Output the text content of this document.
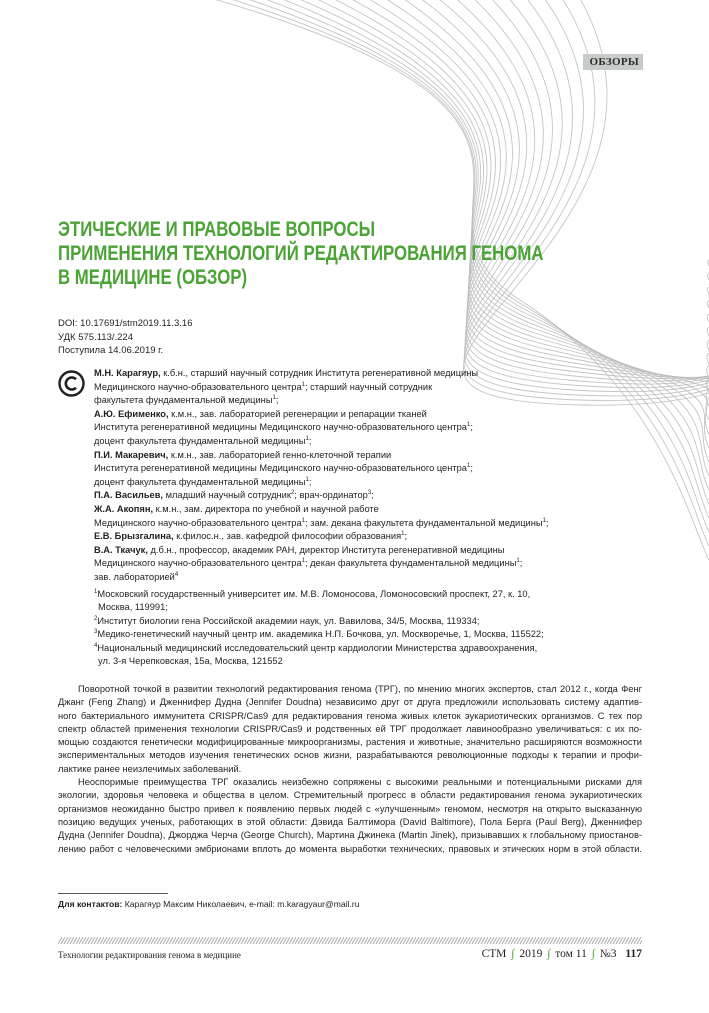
ОБЗОРЫ
ЭТИЧЕСКИЕ И ПРАВОВЫЕ ВОПРОСЫ
ПРИМЕНЕНИЯ ТЕХНОЛОГИЙ РЕДАКТИРОВАНИЯ ГЕНОМА
В МЕДИЦИНЕ (ОБЗОР)
DOI: 10.17691/stm2019.11.3.16
УДК 575.113/.224
Поступила 14.06.2019 г.
М.Н. Карагяур, к.б.н., старший научный сотрудник Института регенеративной медицины
Медицинского научно-образовательного центра$^1$; старший научный сотрудник
факультета фундаментальной медицины$^1$;
А.Ю. Ефименко, к.м.н., зав. лабораторией регенерации и репарации тканей
Института регенеративной медицины Медицинского научно-образовательного центра$^1$;
доцент факультета фундаментальной медицины$^1$;
П.И. Макаревич, к.м.н., зав. лабораторией генно-клеточной терапии
Института регенеративной медицины Медицинского научно-образовательного центра$^1$;
доцент факультета фундаментальной медицины$^1$;
П.А. Васильев, младший научный сотрудник$^2$; врач-ординатор$^3$;
Ж.А. Акопян, к.м.н., зам. директора по учебной и научной работе
Медицинского научно-образовательного центра$^1$; зам. декана факультета фундаментальной медицины$^1$;
Е.В. Брызгалина, к.филос.н., зав. кафедрой философии образования$^1$;
В.А. Ткачук, д.б.н., профессор, академик РАН, директор Института регенеративной медицины
Медицинского научно-образовательного центра$^1$; декан факультета фундаментальной медицины$^1$;
зав. лабораторией$^4$
$^1$Московский государственный университет им. М.В. Ломоносова, Ломоносовский проспект, 27, к. 10,
Москва, 119991;
$^2$Институт биологии гена Российской академии наук, ул. Вавилова, 34/5, Москва, 119334;
$^3$Медико-генетический научный центр им. академика Н.П. Бочкова, ул. Москворечье, 1, Москва, 115522;
$^4$Национальный медицинский исследовательский центр кардиологии Министерства здравоохранения,
ул. 3-я Черепковская, 15а, Москва, 121552
Поворотной точкой в развитии технологий редактирования генома (ТРГ), по мнению многих экспертов, стал 2012 г., когда Фенг
Джанг (Feng Zhang) и Дженнифер Дудна (Jennifer Doudna) независимо друг от друга предложили использовать систему адаптив-
ного бактериального иммунитета CRISPR/Cas9 для редактирования генома живых клеток эукариотических организмов. С тех пор
спектр областей применения технологии CRISPR/Cas9 и родственных ей ТРГ продолжает лавинообразно увеличиваться: с их по-
мощью создаются генетически модифицированные микроорганизмы, растения и животные, значительно расширяются возможности
экспериментальных методов изучения генетических основ жизни, разрабатываются революционные подходы к терапии и профи-
лактике ранее неизлечимых заболеваний.
Неоспоримые преимущества ТРГ оказались неизбежно сопряжены с высокими реальными и потенциальными рисками для
экологии, здоровья человека и общества в целом. Стремительный прогресс в области редактирования генома эукариотических
организмов неожиданно быстро привел к появлению первых людей с «улучшенным» геномом, несмотря на открыто высказанную
позицию ведущих ученых, работающих в этой области: Дэвида Балтимора (David Baltimore), Пола Берга (Paul Berg), Дженнифер
Дудна (Jennifer Doudna), Джорджа Черча (George Church), Мартина Джинека (Martin Jinek), призывавших к глобальному приостанов-
лению работ с человеческими эмбрионами вплоть до момента выработки технических, правовых и этических норм в этой области.
Для контактов: Карагяур Максим Николаевич, e-mail: m.karagyaur@mail.ru
Технологии редактирования генома в медицине	СТМ ∫ 2019 ∫ том 11 ∫ №3 117
